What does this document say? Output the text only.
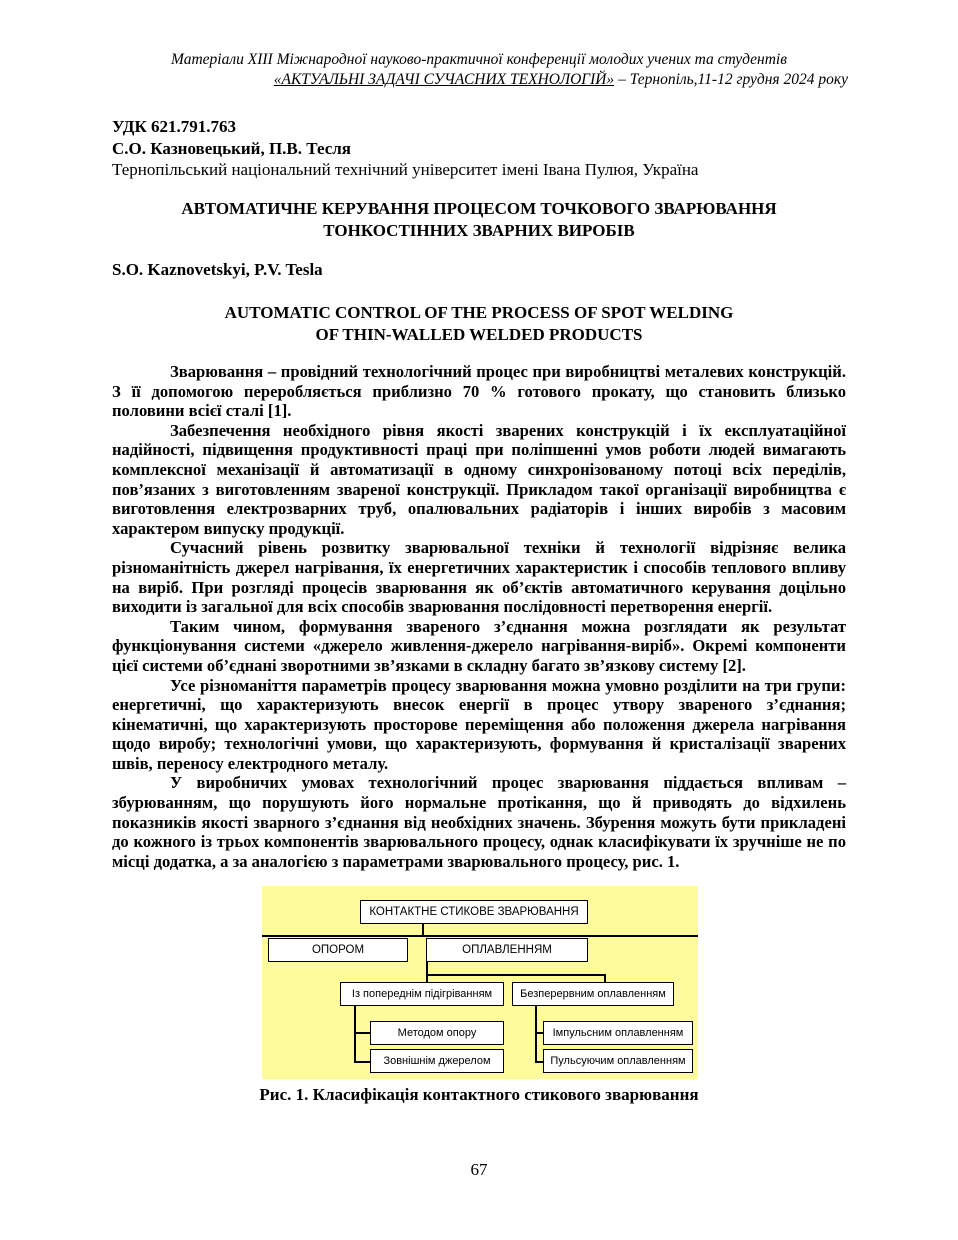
Матеріали XIII Міжнародної науково-практичної конференції молодих учених та студентів
«АКТУАЛЬНІ ЗАДАЧІ СУЧАСНИХ ТЕХНОЛОГІЙ» – Тернопіль,11-12 грудня 2024 року
УДК 621.791.763
С.О. Казновецький, П.В. Тесля
Тернопільський національний технічний університет імені Івана Пулюя, Україна
АВТОМАТИЧНЕ КЕРУВАННЯ ПРОЦЕСОМ ТОЧКОВОГО ЗВАРЮВАННЯ
ТОНКОСТІННИХ ЗВАРНИХ ВИРОБІВ
S.O. Kaznovetskyi, P.V. Tesla
AUTOMATIC CONTROL OF THE PROCESS OF SPOT WELDING
OF THIN-WALLED WELDED PRODUCTS

Зварювання – провідний технологічний процес при виробництві металевих конструкцій. З її допомогою переробляється приблизно 70 % готового прокату, що становить близько половини всієї сталі [1].

Забезпечення необхідного рівня якості зварених конструкцій і їх експлуатаційної надійності, підвищення продуктивності праці при поліпшенні умов роботи людей вимагають комплексної механізації й автоматизації в одному синхронізованому потоці всіх переділів, пов’язаних з виготовленням звареної конструкції. Прикладом такої організації виробництва є виготовлення електрозварних труб, опалювальних радіаторів і інших виробів з масовим характером випуску продукції.

Сучасний рівень розвитку зварювальної техніки й технології відрізняє велика різноманітність джерел нагрівання, їх енергетичних характеристик і способів теплового впливу на виріб. При розгляді процесів зварювання як об’єктів автоматичного керування доцільно виходити із загальної для всіх способів зварювання послідовності перетворення енергії.

Таким чином, формування звареного з’єднання можна розглядати як результат функціонування системи «джерело живлення-джерело нагрівання-виріб». Окремі компоненти цієї системи об’єднані зворотними зв’язками в складну багато зв’язкову систему [2].

Усе різноманіття параметрів процесу зварювання можна умовно розділити на три групи: енергетичні, що характеризують внесок енергії в процес утвору звареного з’єднання; кінематичні, що характеризують просторове переміщення або положення джерела нагрівання щодо виробу; технологічні умови, що характеризують, формування й кристалізації зварених швів, переносу електродного металу.

У виробничих умовах технологічний процес зварювання піддається впливам – збурюванням, що порушують його нормальне протікання, що й приводять до відхилень показників якості зварного з’єднання від необхідних значень. Збурення можуть бути прикладені до кожного із трьох компонентів зварювального процесу, однак класифікувати їх зручніше не по місці додатка, а за аналогією з параметрами зварювального процесу, рис. 1.

КОНТАКТНЕ СТИКОВЕ ЗВАРЮВАННЯ
ОПОРОМ	ОПЛАВЛЕННЯМ
Із попереднім підігріванням	Безперервним оплавленням
Методом опору
Зовнішнім джерелом
Імпульсним оплавленням
Пульсуючим оплавленням
Рис. 1. Класифікація контактного стикового зварювання
67
